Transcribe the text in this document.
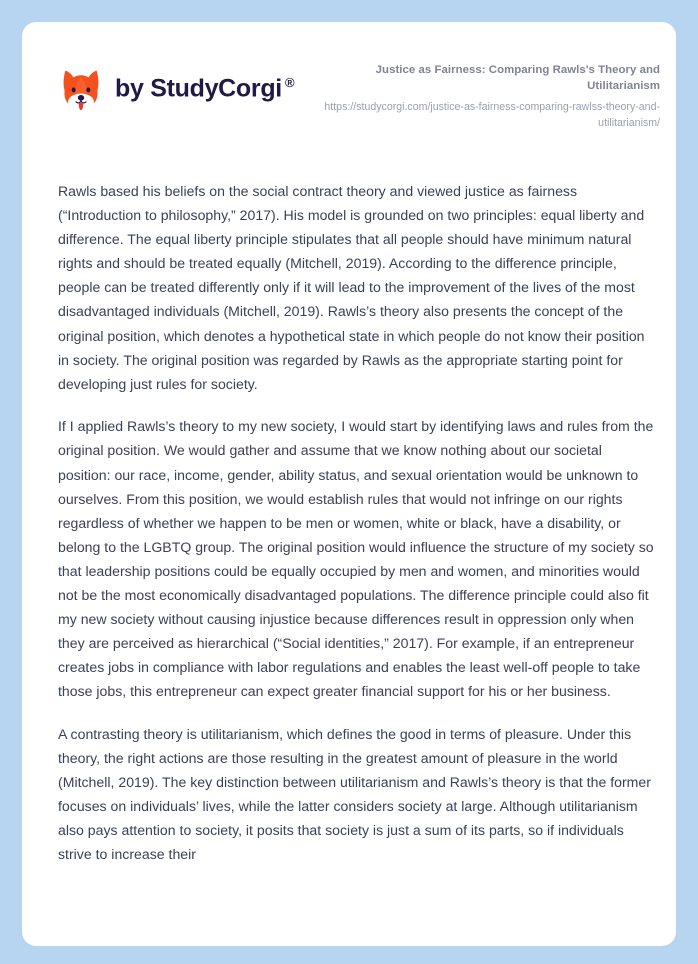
by StudyCorgi ®

Justice as Fairness: Comparing Rawls's Theory and Utilitarianism

https://studycorgi.com/justice-as-fairness-comparing-rawlss-theory-and-utilitarianism/

Rawls based his beliefs on the social contract theory and viewed justice as fairness (“Introduction to philosophy,” 2017). His model is grounded on two principles: equal liberty and difference. The equal liberty principle stipulates that all people should have minimum natural rights and should be treated equally (Mitchell, 2019). According to the difference principle, people can be treated differently only if it will lead to the improvement of the lives of the most disadvantaged individuals (Mitchell, 2019). Rawls’s theory also presents the concept of the original position, which denotes a hypothetical state in which people do not know their position in society. The original position was regarded by Rawls as the appropriate starting point for developing just rules for society.

If I applied Rawls’s theory to my new society, I would start by identifying laws and rules from the original position. We would gather and assume that we know nothing about our societal position: our race, income, gender, ability status, and sexual orientation would be unknown to ourselves. From this position, we would establish rules that would not infringe on our rights regardless of whether we happen to be men or women, white or black, have a disability, or belong to the LGBTQ group. The original position would influence the structure of my society so that leadership positions could be equally occupied by men and women, and minorities would not be the most economically disadvantaged populations. The difference principle could also fit my new society without causing injustice because differences result in oppression only when they are perceived as hierarchical (“Social identities,” 2017). For example, if an entrepreneur creates jobs in compliance with labor regulations and enables the least well-off people to take those jobs, this entrepreneur can expect greater financial support for his or her business.

A contrasting theory is utilitarianism, which defines the good in terms of pleasure. Under this theory, the right actions are those resulting in the greatest amount of pleasure in the world (Mitchell, 2019). The key distinction between utilitarianism and Rawls’s theory is that the former focuses on individuals’ lives, while the latter considers society at large. Although utilitarianism also pays attention to society, it posits that society is just a sum of its parts, so if individuals strive to increase their
